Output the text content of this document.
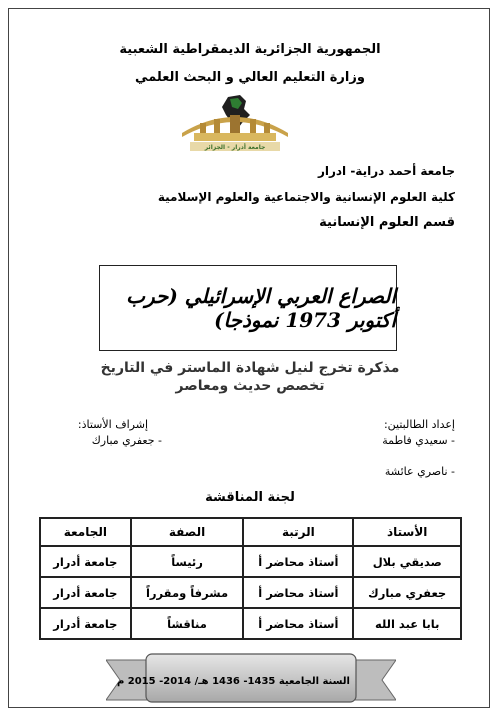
الجمهورية الجزائرية الديمقراطية الشعبية
وزارة التعليم العالي و البحث العلمي
جامعة أدرار - الجزائر
جامعة أحمد دراية- ادرار
كلية العلوم الإنسانية والاجتماعية والعلوم الإسلامية
قسم العلوم الإنسانية
الصراع العربي الإسرائيلي (حرب أكتوبر 1973 نموذجا)
مذكرة تخرج لنيل شهادة الماستر في التاريخ
تخصص حديث ومعاصر
إعداد الطالبتين:
- سعيدي فاطمة
- ناصري عائشة
إشراف الأستاذ:
- جعفري مبارك
لجنة المناقشة
الأستاذ	الرتبة	الصفة	الجامعة
صديقي بلال	أستاذ محاضر أ	رئيساً	جامعة أدرار
جعفري مبارك	أستاذ محاضر أ	مشرفاً ومقرراً	جامعة أدرار
بابا عبد الله	أستاذ محاضر أ	مناقشاً	جامعة أدرار
السنة الجامعية 1435- 1436 هـ/ 2014- 2015 م
